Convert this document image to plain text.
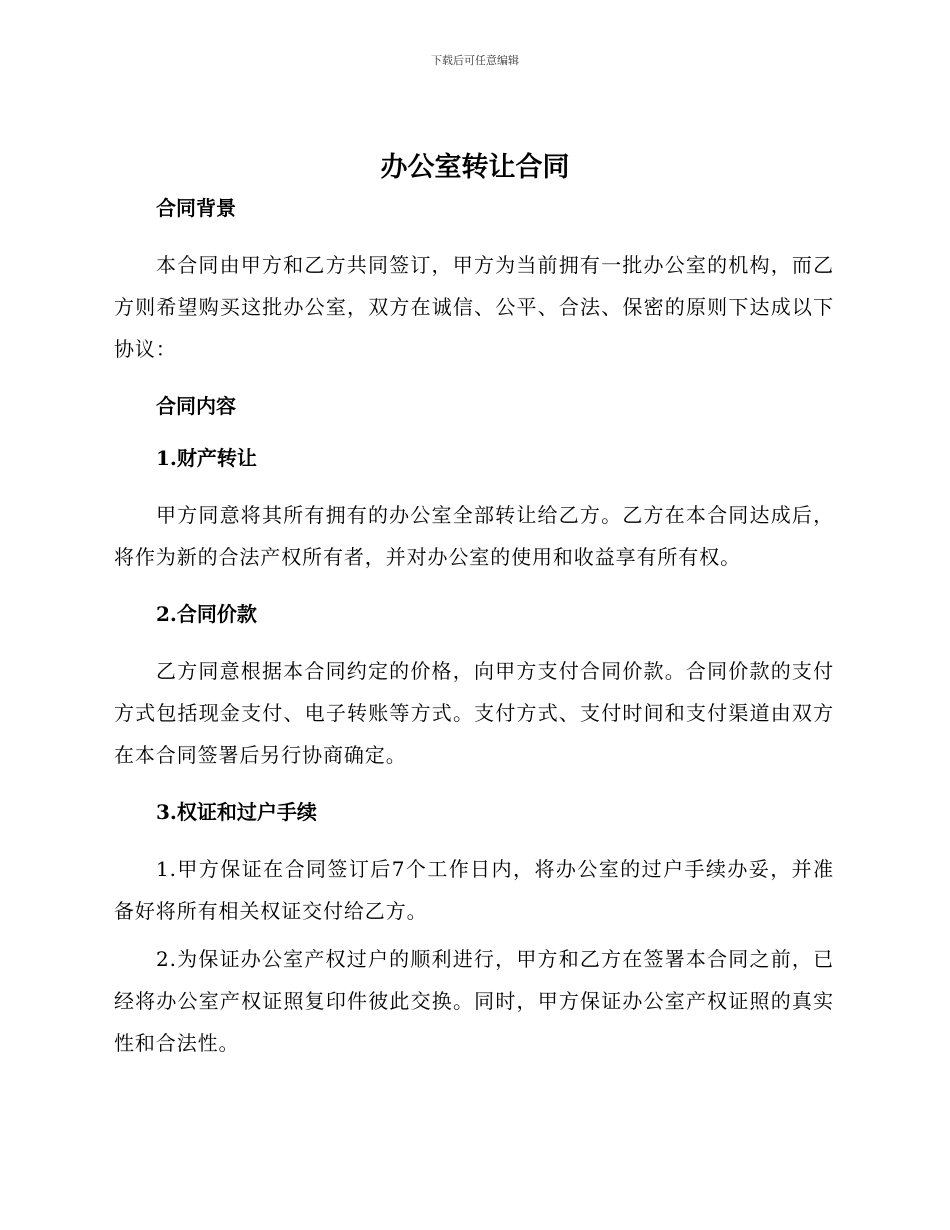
下载后可任意编辑
办公室转让合同

合同背景

本合同由甲方和乙方共同签订，甲方为当前拥有一批办公室的机构，而乙方则希望购买这批办公室，双方在诚信、公平、合法、保密的原则下达成以下协议：

合同内容

1.财产转让

甲方同意将其所有拥有的办公室全部转让给乙方。乙方在本合同达成后，将作为新的合法产权所有者，并对办公室的使用和收益享有所有权。

2.合同价款

乙方同意根据本合同约定的价格，向甲方支付合同价款。合同价款的支付方式包括现金支付、电子转账等方式。支付方式、支付时间和支付渠道由双方在本合同签署后另行协商确定。

3.权证和过户手续

1.甲方保证在合同签订后7个工作日内，将办公室的过户手续办妥，并准备好将所有相关权证交付给乙方。

2.为保证办公室产权过户的顺利进行，甲方和乙方在签署本合同之前，已经将办公室产权证照复印件彼此交换。同时，甲方保证办公室产权证照的真实性和合法性。
